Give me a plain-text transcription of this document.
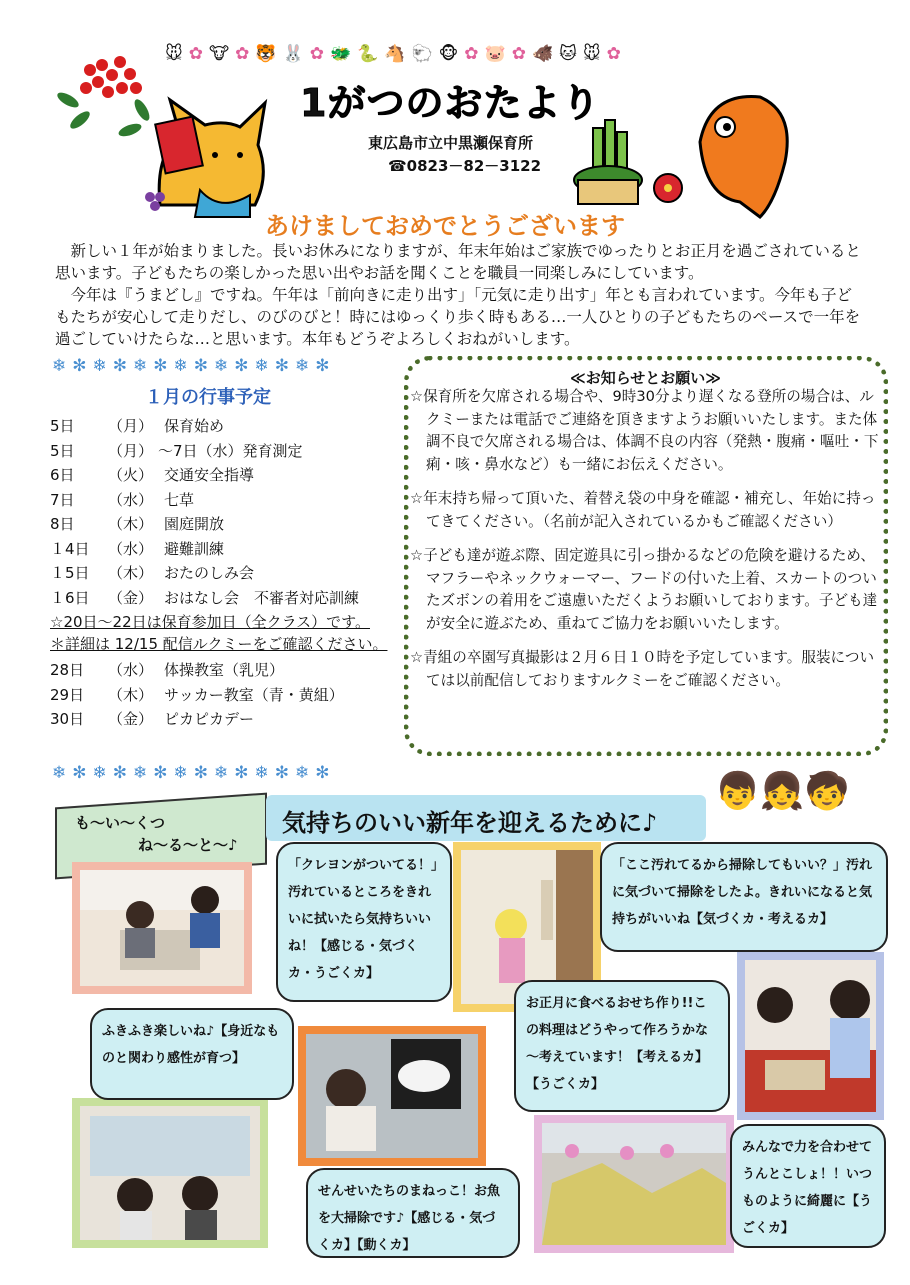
🐭 ✿ 🐮 ✿ 🐯 🐰 ✿ 🐲 🐍 🐴 🐑 🐵 ✿ 🐷 ✿ 🐗 🐱 🐭 ✿
1がつのおたより
東広島市立中黒瀬保育所
☎0823－82－3122
あけましておめでとうございます

新しい１年が始まりました。長いお休みになりますが、年末年始はご家族でゆったりとお正月を過ごされていると思います。子どもたちの楽しかった思い出やお話を聞くことを職員一同楽しみにしています。

今年は『うまどし』ですね。午年は「前向きに走り出す」「元気に走り出す」年とも言われています。今年も子どもたちが安心して走りだし、のびのびと！時にはゆっくり歩く時もある…一人ひとりの子どもたちのペースで一年を過ごしていけたらな…と思います。本年もどうぞよろしくおねがいします。

❄ ✻ ❄ ✻ ❄ ✻ ❄ ✻ ❄ ✻ ❄ ✻ ❄ ✻
１月の行事予定
5日	（月） 保育始め
5日	（月） ～7日（水）発育測定
6日	（火） 交通安全指導
7日	（水） 七草
8日	（木） 園庭開放
１4日	（水） 避難訓練
１5日	（木） おたのしみ会
１6日	（金） おはなし会　不審者対応訓練
☆20日～22日は保育参加日（全クラス）です。
＊詳細は 12/15 配信ルクミーをご確認ください。
28日	（水） 体操教室（乳児）
29日	（木） サッカー教室（青・黄組）
30日	（金） ピカピカデー
≪お知らせとお願い≫

☆保育所を欠席される場合や、9時30分より遅くなる登所の場合は、ルクミーまたは電話でご連絡を頂きますようお願いいたします。また体調不良で欠席される場合は、体調不良の内容（発熱・腹痛・嘔吐・下痢・咳・鼻水など）も一緒にお伝えください。

☆年末持ち帰って頂いた、着替え袋の中身を確認・補充し、年始に持ってきてください。（名前が記入されているかもご確認ください）

☆子ども達が遊ぶ際、固定遊具に引っ掛かるなどの危険を避けるため、マフラーやネックウォーマー、フードの付いた上着、スカートのついたズボンの着用をご遠慮いただくようお願いしております。子ども達が安全に遊ぶため、重ねてご協力をお願いいたします。

☆青組の卒園写真撮影は２月６日１０時を予定しています。服装については以前配信しておりますルクミーをご確認ください。

❄ ✻ ❄ ✻ ❄ ✻ ❄ ✻ ❄ ✻ ❄ ✻ ❄ ✻
も～い～くつ
ね～る～と～♪
気持ちのいい新年を迎えるために♪
👦👧🧒
「クレヨンがついてる！」汚れているところをきれいに拭いたら気持ちいいね！【感じる・気づくカ・うごくカ】
「ここ汚れてるから掃除してもいい？」汚れに気づいて掃除をしたよ。きれいになると気持ちがいいね【気づくカ・考えるカ】
ふきふき楽しいね♪【身近なものと関わり感性が育つ】
お正月に食べるおせち作り!!この料理はどうやって作ろうかな～考えています！【考えるカ】【うごくカ】
せんせいたちのまねっこ！お魚を大掃除です♪【感じる・気づくカ】【動くカ】
みんなで力を合わせてうんとこしょ！！いつものように綺麗に【うごくカ】
